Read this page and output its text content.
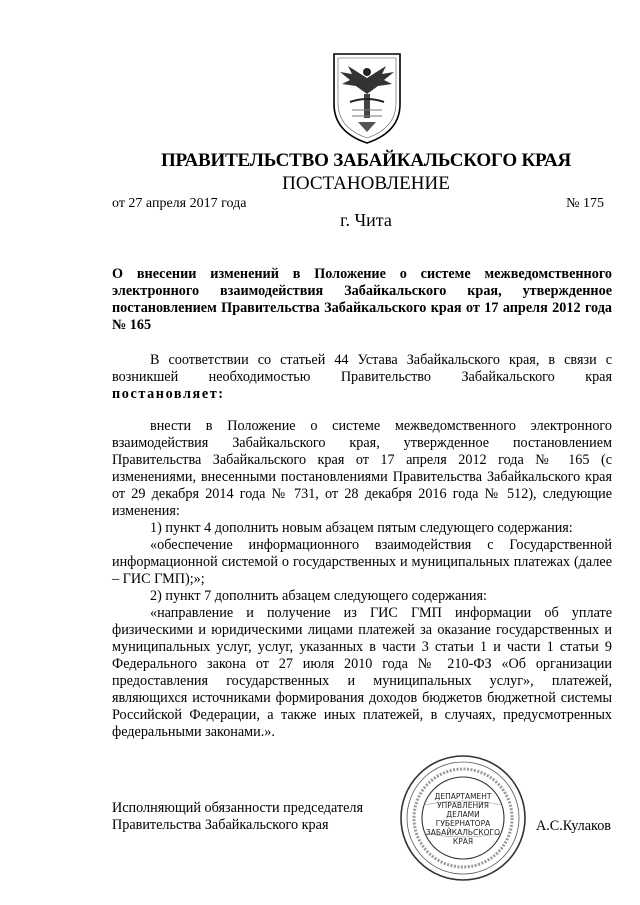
ПРАВИТЕЛЬСТВО ЗАБАЙКАЛЬСКОГО КРАЯ
ПОСТАНОВЛЕНИЕ
от 27 апреля 2017 года	№ 175
г. Чита
О внесении изменений в Положение о системе межведомственного электронного взаимодействия Забайкальского края, утвержденное постановлением Правительства Забайкальского края от 17 апреля 2012 года № 165

В соответствии со статьей 44 Устава Забайкальского края, в связи с возникшей необходимостью Правительство Забайкальского края постановляет:

внести в Положение о системе межведомственного электронного взаимодействия Забайкальского края, утвержденное постановлением Правительства Забайкальского края от 17 апреля 2012 года № 165 (с изменениями, внесенными постановлениями Правительства Забайкальского края от 29 декабря 2014 года № 731, от 28 декабря 2016 года № 512), следующие изменения:

1) пункт 4 дополнить новым абзацем пятым следующего содержания:

«обеспечение информационного взаимодействия с Государственной информационной системой о государственных и муниципальных платежах (далее – ГИС ГМП);»;

2) пункт 7 дополнить абзацем следующего содержания:

«направление и получение из ГИС ГМП информации об уплате физическими и юридическими лицами платежей за оказание государственных и муниципальных услуг, услуг, указанных в части 3 статьи 1 и части 1 статьи 9 Федерального закона от 27 июля 2010 года № 210-ФЗ «Об организации предоставления государственных и муниципальных услуг», платежей, являющихся источниками формирования доходов бюджетов бюджетной системы Российской Федерации, а также иных платежей, в случаях, предусмотренных федеральными законами.».

Исполняющий обязанности председателя
Правительства Забайкальского края
ДЕПАРТАМЕНТ
УПРАВЛЕНИЯ
ДЕЛАМИ
ГУБЕРНАТОРА
ЗАБАЙКАЛЬСКОГО
КРАЯ
А.С.Кулаков
